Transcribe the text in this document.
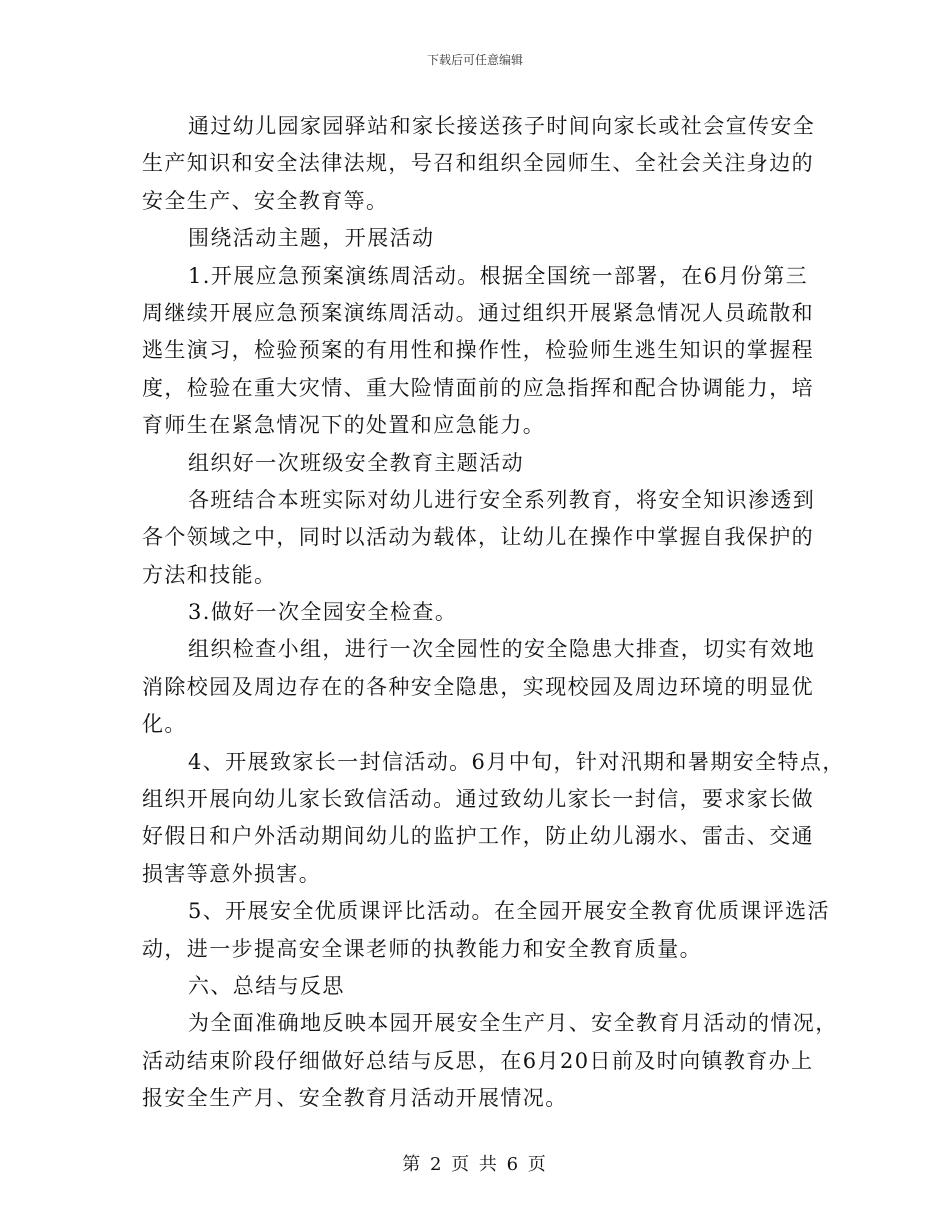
下载后可任意编辑
通过幼儿园家园驿站和家长接送孩子时间向家长或社会宣传安全
生产知识和安全法律法规，号召和组织全园师生、全社会关注身边的
安全生产、安全教育等。
围绕活动主题，开展活动
1.开展应急预案演练周活动。根据全国统一部署，在6月份第三
周继续开展应急预案演练周活动。通过组织开展紧急情况人员疏散和
逃生演习，检验预案的有用性和操作性，检验师生逃生知识的掌握程
度，检验在重大灾情、重大险情面前的应急指挥和配合协调能力，培
育师生在紧急情况下的处置和应急能力。
组织好一次班级安全教育主题活动
各班结合本班实际对幼儿进行安全系列教育，将安全知识渗透到
各个领域之中，同时以活动为载体，让幼儿在操作中掌握自我保护的
方法和技能。
3.做好一次全园安全检查。
组织检查小组，进行一次全园性的安全隐患大排查，切实有效地
消除校园及周边存在的各种安全隐患，实现校园及周边环境的明显优
化。
4、开展致家长一封信活动。6月中旬，针对汛期和暑期安全特点，
组织开展向幼儿家长致信活动。通过致幼儿家长一封信，要求家长做
好假日和户外活动期间幼儿的监护工作，防止幼儿溺水、雷击、交通
损害等意外损害。
5、开展安全优质课评比活动。在全园开展安全教育优质课评选活
动，进一步提高安全课老师的执教能力和安全教育质量。
六、总结与反思
为全面准确地反映本园开展安全生产月、安全教育月活动的情况，
活动结束阶段仔细做好总结与反思，在6月20日前及时向镇教育办上
报安全生产月、安全教育月活动开展情况。
第 2 页 共 6 页
